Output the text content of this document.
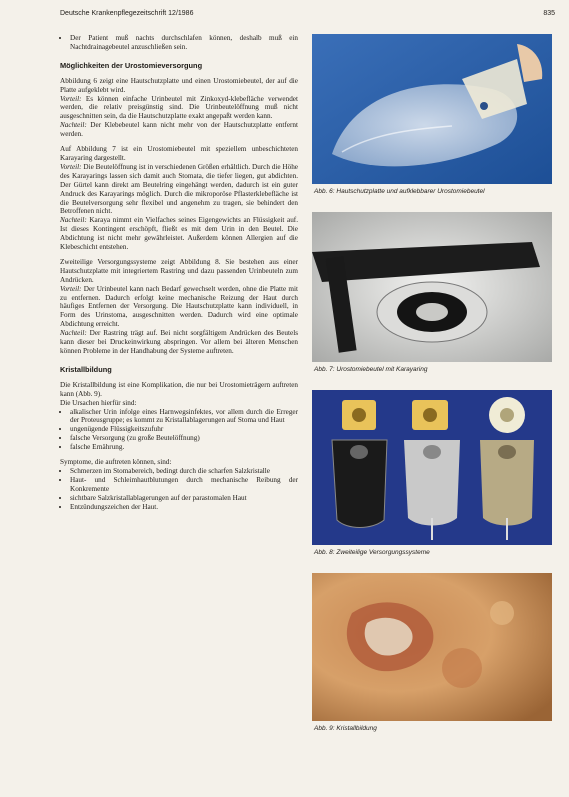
Deutsche Krankenpflegezeitschrift 12/1986	835
• Der Patient muß nachts durchschlafen können, deshalb muß ein Nachtdrainagebeutel anzuschließen sein.
Möglichkeiten der Urostomieversorgung

Abbildung 6 zeigt eine Hautschutzplatte und einen Urostomiebeutel, der auf die Platte aufgeklebt wird.
Vorteil: Es können einfache Urinbeutel mit Zinkoxyd-klebefläche verwendet werden, die relativ preisgünstig sind. Die Urinbeutelöffnung muß nicht ausgeschnitten sein, da die Hautschutzplatte exakt angepaßt werden kann.
Nachteil: Der Klebebeutel kann nicht mehr von der Hautschutzplatte entfernt werden.

Auf Abbildung 7 ist ein Urostomiebeutel mit speziellem unbeschichteten Karayaring dargestellt.
Vorteil: Die Beutelöffnung ist in verschiedenen Größen erhältlich. Durch die Höhe des Karayarings lassen sich damit auch Stomata, die tiefer liegen, gut abdichten. Der Gürtel kann direkt am Beutelring eingehängt werden, dadurch ist ein guter Andruck des Karayarings möglich. Durch die mikroporöse Pflasterklebefläche ist die Beutelversorgung sehr flexibel und angenehm zu tragen, sie behindert den Betroffenen nicht.
Nachteil: Karaya nimmt ein Vielfaches seines Eigengewichts an Flüssigkeit auf. Ist dieses Kontingent erschöpft, fließt es mit dem Urin in den Beutel. Die Abdichtung ist nicht mehr gewährleistet. Außerdem können Allergien auf die Klebeschicht entstehen.

Zweiteilige Versorgungssysteme zeigt Abbildung 8. Sie bestehen aus einer Hautschutzplatte mit integriertem Rastring und dazu passenden Urinbeuteln zum Andrücken.
Vorteil: Der Urinbeutel kann nach Bedarf gewechselt werden, ohne die Platte mit zu entfernen. Dadurch erfolgt keine mechanische Reizung der Haut durch häufiges Entfernen der Versorgung. Die Hautschutzplatte kann individuell, in Form des Urinstoma, ausgeschnitten werden. Dadurch wird eine optimale Abdichtung erreicht.
Nachteil: Der Rastring trägt auf. Bei nicht sorgfältigem Andrücken des Beutels kann dieser bei Druckeinwirkung abspringen. Vor allem bei älteren Menschen können Probleme in der Handhabung der Systeme auftreten.

Kristallbildung

Die Kristallbildung ist eine Komplikation, die nur bei Urostomieträgern auftreten kann (Abb. 9).
Die Ursachen hierfür sind:

• alkalischer Urin infolge eines Harnwegsinfektes, vor allem durch die Erreger der Proteusgruppe; es kommt zu Kristallablagerungen auf Stoma und Haut
• ungenügende Flüssigkeitszufuhr
• falsche Versorgung (zu große Beutelöffnung)
• falsche Ernährung.

Symptome, die auftreten können, sind:

• Schmerzen im Stomabereich, bedingt durch die scharfen Salzkristalle
• Haut- und Schleimhautblutungen durch mechanische Reibung der Konkremente
• sichtbare Salzkristallablagerungen auf der parastomalen Haut
• Entzündungszeichen der Haut.
Abb. 6: Hautschutzplatte und aufklebbarer Urostomiebeutel
Abb. 7: Urostomiebeutel mit Karayaring
Abb. 8: Zweiteilige Versorgungssysteme
Abb. 9: Kristallbildung
